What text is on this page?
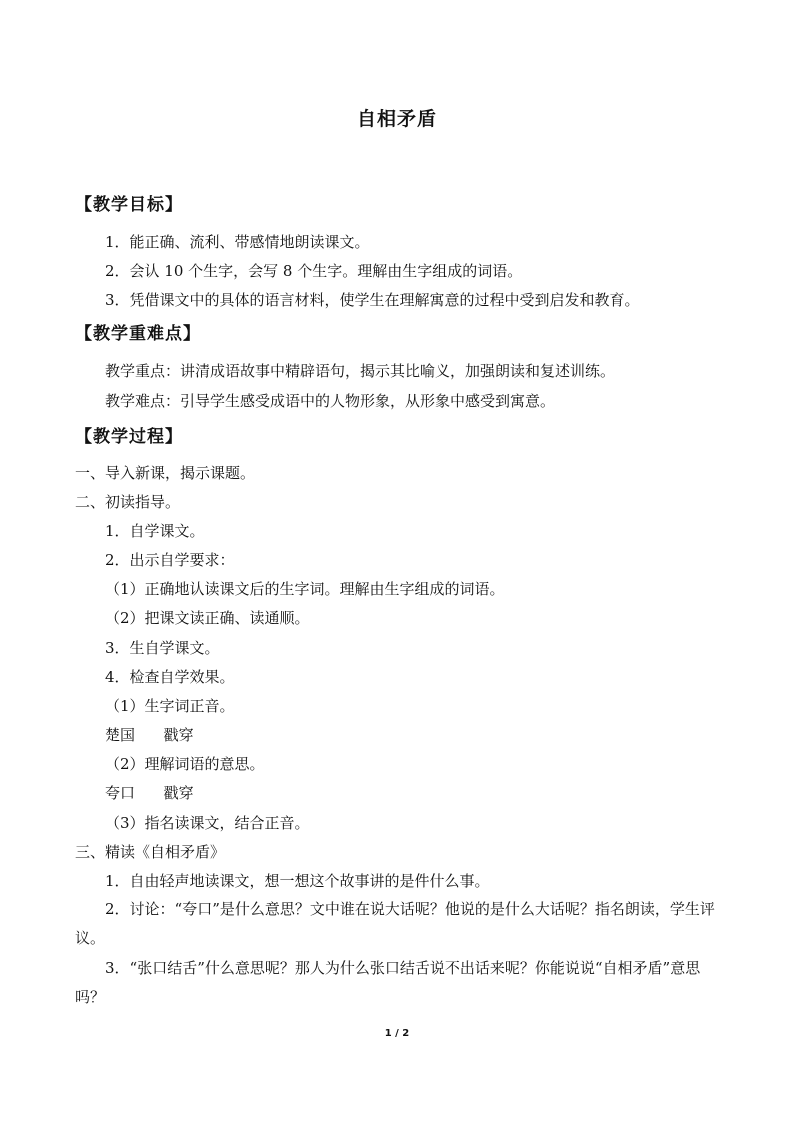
自相矛盾
【教学目标】
1．能正确、流利、带感情地朗读课文。
2．会认 10 个生字，会写 8 个生字。理解由生字组成的词语。
3．凭借课文中的具体的语言材料，使学生在理解寓意的过程中受到启发和教育。
【教学重难点】
教学重点：讲清成语故事中精辟语句，揭示其比喻义，加强朗读和复述训练。
教学难点：引导学生感受成语中的人物形象，从形象中感受到寓意。
【教学过程】
一、导入新课，揭示课题。
二、初读指导。
1．自学课文。
2．出示自学要求：
（1）正确地认读课文后的生字词。理解由生字组成的词语。
（2）把课文读正确、读通顺。
3．生自学课文。
4．检查自学效果。
（1）生字词正音。
楚国      戳穿
（2）理解词语的意思。
夸口      戳穿
（3）指名读课文，结合正音。
三、精读《自相矛盾》
1．自由轻声地读课文，想一想这个故事讲的是件什么事。
2．讨论：“夸口”是什么意思？文中谁在说大话呢？他说的是什么大话呢？指名朗读，学生评议。
3．“张口结舌”什么意思呢？那人为什么张口结舌说不出话来呢？你能说说“自相矛盾”意思吗？
1 / 2
